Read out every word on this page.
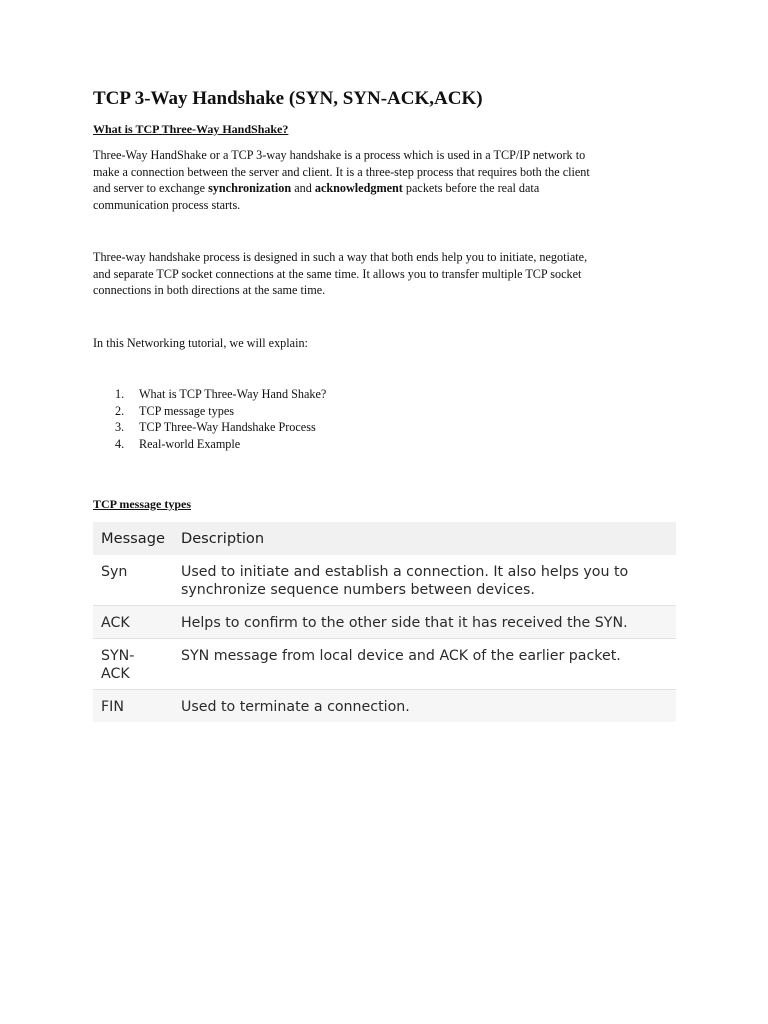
TCP 3-Way Handshake (SYN, SYN-ACK,ACK)
What is TCP Three-Way HandShake?

Three-Way HandShake or a TCP 3-way handshake is a process which is used in a TCP/IP network to
make a connection between the server and client. It is a three-step process that requires both the client
and server to exchange synchronization and acknowledgment packets before the real data
communication process starts.

Three-way handshake process is designed in such a way that both ends help you to initiate, negotiate,
and separate TCP socket connections at the same time. It allows you to transfer multiple TCP socket
connections in both directions at the same time.

In this Networking tutorial, we will explain:

1. What is TCP Three-Way Hand Shake?
2. TCP message types
3. TCP Three-Way Handshake Process
4. Real-world Example
TCP message types
Message	Description
Syn	Used to initiate and establish a connection. It also helps you to
synchronize sequence numbers between devices.
ACK	Helps to confirm to the other side that it has received the SYN.
SYN-
ACK	SYN message from local device and ACK of the earlier packet.
FIN	Used to terminate a connection.
